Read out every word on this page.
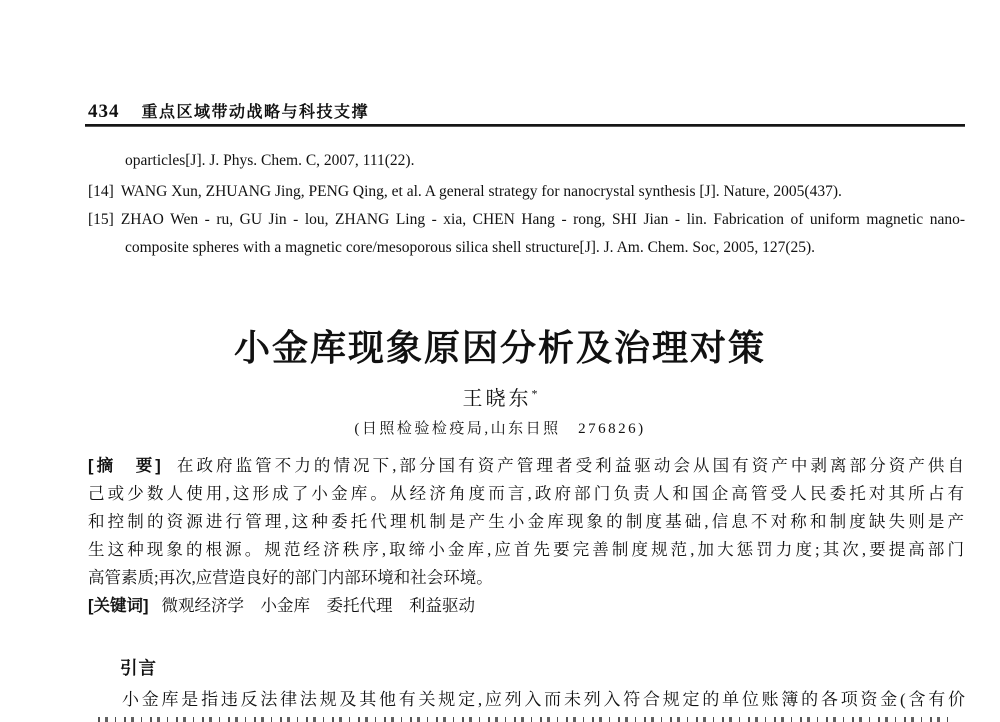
434 重点区域带动战略与科技支撑
oparticles[J]. J. Phys. Chem. C, 2007, 111(22).
[14] WANG Xun, ZHUANG Jing, PENG Qing, et al. A general strategy for nanocrystal synthesis [J]. Nature, 2005(437).
[15] ZHAO Wen - ru, GU Jin - lou, ZHANG Ling - xia, CHEN Hang - rong, SHI Jian - lin. Fabrication of uniform magnetic nano-
composite spheres with a magnetic core/mesoporous silica shell structure[J]. J. Am. Chem. Soc, 2005, 127(25).
小金库现象原因分析及治理对策
王晓东*
(日照检验检疫局,山东日照　276826)
[摘　要] 在政府监管不力的情况下,部分国有资产管理者受利益驱动会从国有资产中剥离部分资产供自
己或少数人使用,这形成了小金库。从经济角度而言,政府部门负责人和国企高管受人民委托对其所占有
和控制的资源进行管理,这种委托代理机制是产生小金库现象的制度基础,信息不对称和制度缺失则是产
生这种现象的根源。规范经济秩序,取缔小金库,应首先要完善制度规范,加大惩罚力度;其次,要提高部门
高管素质;再次,应营造良好的部门内部环境和社会环境。
[关键词] 微观经济学　小金库　委托代理　利益驱动
引言
小金库是指违反法律法规及其他有关规定,应列入而未列入符合规定的单位账簿的各项资金(含有价
